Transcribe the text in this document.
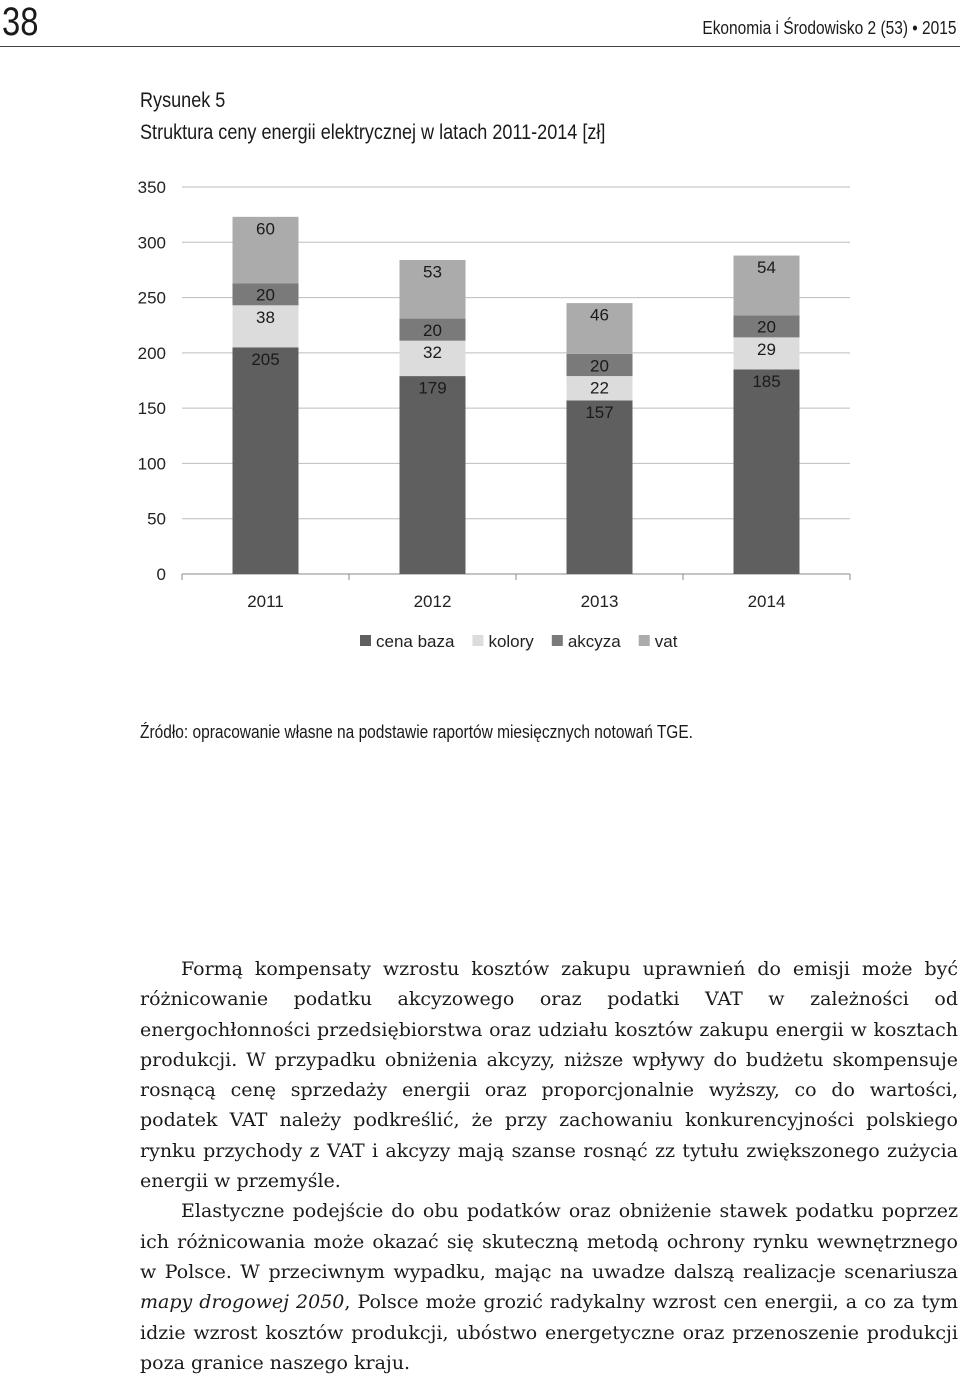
38	Ekonomia i Środowisko 2 (53) • 2015
Rysunek 5
Struktura ceny energii elektrycznej w latach 2011-2014 [zł]
0
50
100
150
200
250
300
350
205
38
20
60
179
32
20
53
157
22
20
46
185
29
20
54
2011	2012	2013	2014
cena baza kolory akcyza vat
Źródło: opracowanie własne na podstawie raportów miesięcznych notowań TGE.

Formą kompensaty wzrostu kosztów zakupu uprawnień do emisji może być różnicowanie podatku akcyzowego oraz podatki VAT w zależności od energochłonności przedsiębiorstwa oraz udziału kosztów zakupu energii w kosztach produkcji. W przypadku obniżenia akcyzy, niższe wpływy do budżetu skompensuje rosnącą cenę sprzedaży energii oraz proporcjonalnie wyższy, co do wartości, podatek VAT należy podkreślić, że przy zachowaniu konkurencyjności polskiego rynku przychody z VAT i akcyzy mają szanse rosnąć zz tytułu zwiększonego zużycia energii w przemyśle.

Elastyczne podejście do obu podatków oraz obniżenie stawek podatku poprzez ich różnicowania może okazać się skuteczną metodą ochrony rynku wewnętrznego w Polsce. W przeciwnym wypadku, mając na uwadze dalszą realizacje scenariusza mapy drogowej 2050, Polsce może grozić radykalny wzrost cen energii, a co za tym idzie wzrost kosztów produkcji, ubóstwo energetyczne oraz przenoszenie produkcji poza granice naszego kraju.
